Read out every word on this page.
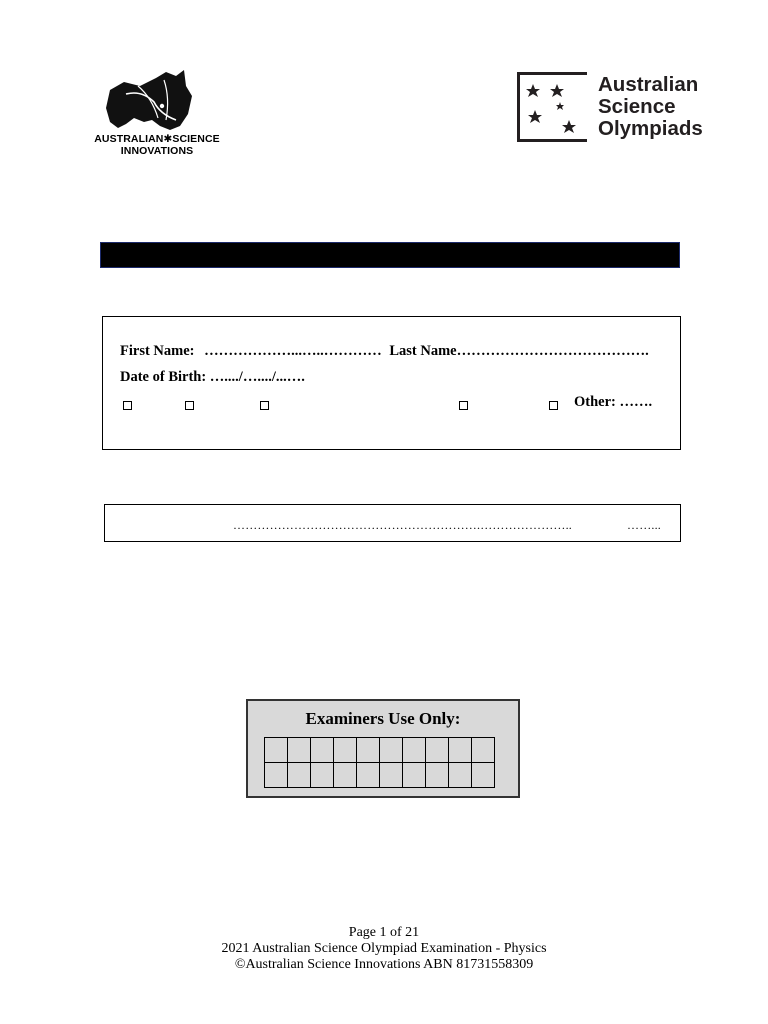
AUSTRALIAN✱SCIENCE
INNOVATIONS
Australian
Science
Olympiads
First Name: ………………...…..………… Last Name………………………………….
Date of Birth: …..../…..../...….
Other: …….
…………………………………………………….…………………..	……...
Examiners Use Only:

Page 1 of 21
2021 Australian Science Olympiad Examination - Physics
©Australian Science Innovations ABN 81731558309
